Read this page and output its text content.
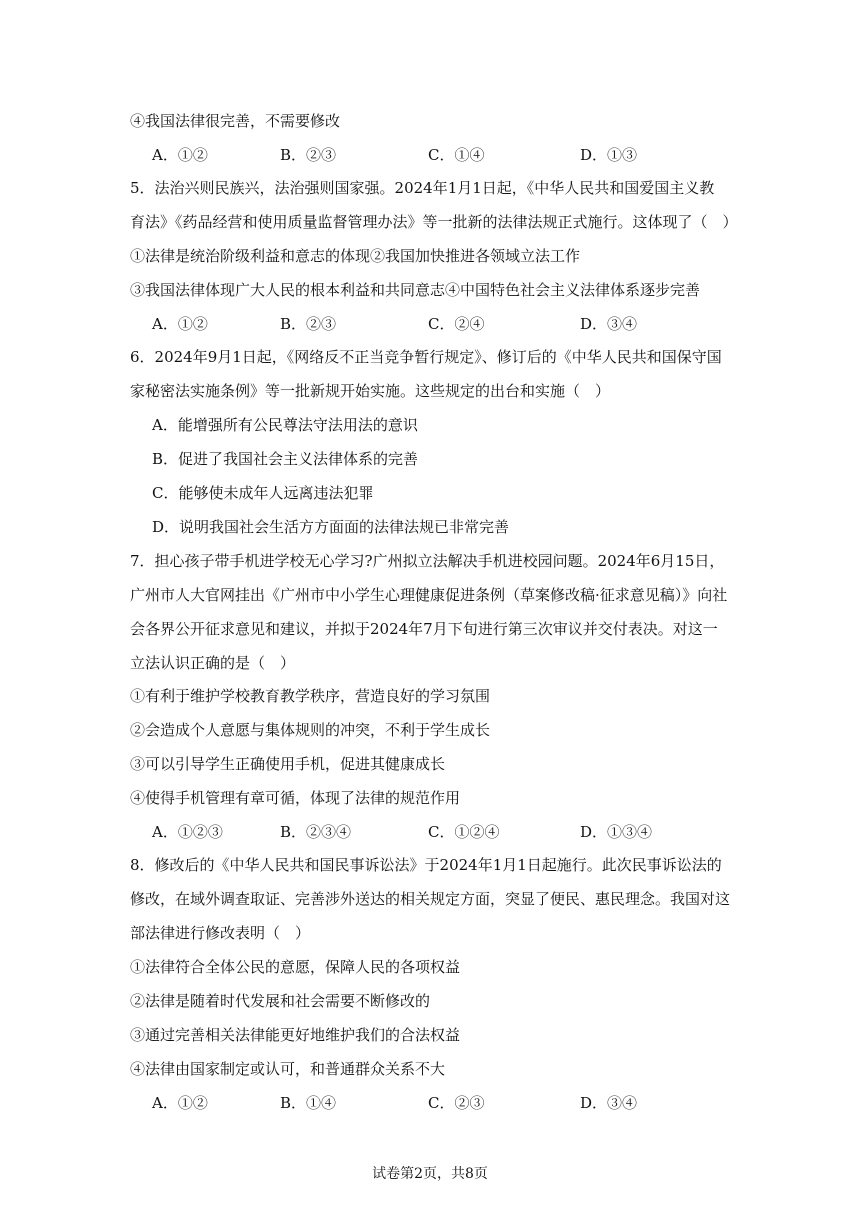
④我国法律很完善，不需要修改
A．①②	B．②③	C．①④	D．①③
5．法治兴则民族兴，法治强则国家强。2024年1月1日起，《中华人民共和国爱国主义教
育法》《药品经营和使用质量监督管理办法》等一批新的法律法规正式施行。这体现了（　）
①法律是统治阶级利益和意志的体现②我国加快推进各领域立法工作
③我国法律体现广大人民的根本利益和共同意志④中国特色社会主义法律体系逐步完善
A．①②	B．②③	C．②④	D．③④
6．2024年9月1日起，《网络反不正当竞争暂行规定》、修订后的《中华人民共和国保守国
家秘密法实施条例》等一批新规开始实施。这些规定的出台和实施（　）
A．能增强所有公民尊法守法用法的意识
B．促进了我国社会主义法律体系的完善
C．能够使未成年人远离违法犯罪
D．说明我国社会生活方方面面的法律法规已非常完善
7．担心孩子带手机进学校无心学习?广州拟立法解决手机进校园问题。2024年6月15日，
广州市人大官网挂出《广州市中小学生心理健康促进条例（草案修改稿·征求意见稿）》向社
会各界公开征求意见和建议，并拟于2024年7月下旬进行第三次审议并交付表决。对这一
立法认识正确的是（　）
①有利于维护学校教育教学秩序，营造良好的学习氛围
②会造成个人意愿与集体规则的冲突，不利于学生成长
③可以引导学生正确使用手机，促进其健康成长
④使得手机管理有章可循，体现了法律的规范作用
A．①②③	B．②③④	C．①②④	D．①③④
8．修改后的《中华人民共和国民事诉讼法》于2024年1月1日起施行。此次民事诉讼法的
修改，在域外调查取证、完善涉外送达的相关规定方面，突显了便民、惠民理念。我国对这
部法律进行修改表明（　）
①法律符合全体公民的意愿，保障人民的各项权益
②法律是随着时代发展和社会需要不断修改的
③通过完善相关法律能更好地维护我们的合法权益
④法律由国家制定或认可，和普通群众关系不大
A．①②	B．①④	C．②③	D．③④
试卷第2页，共8页
